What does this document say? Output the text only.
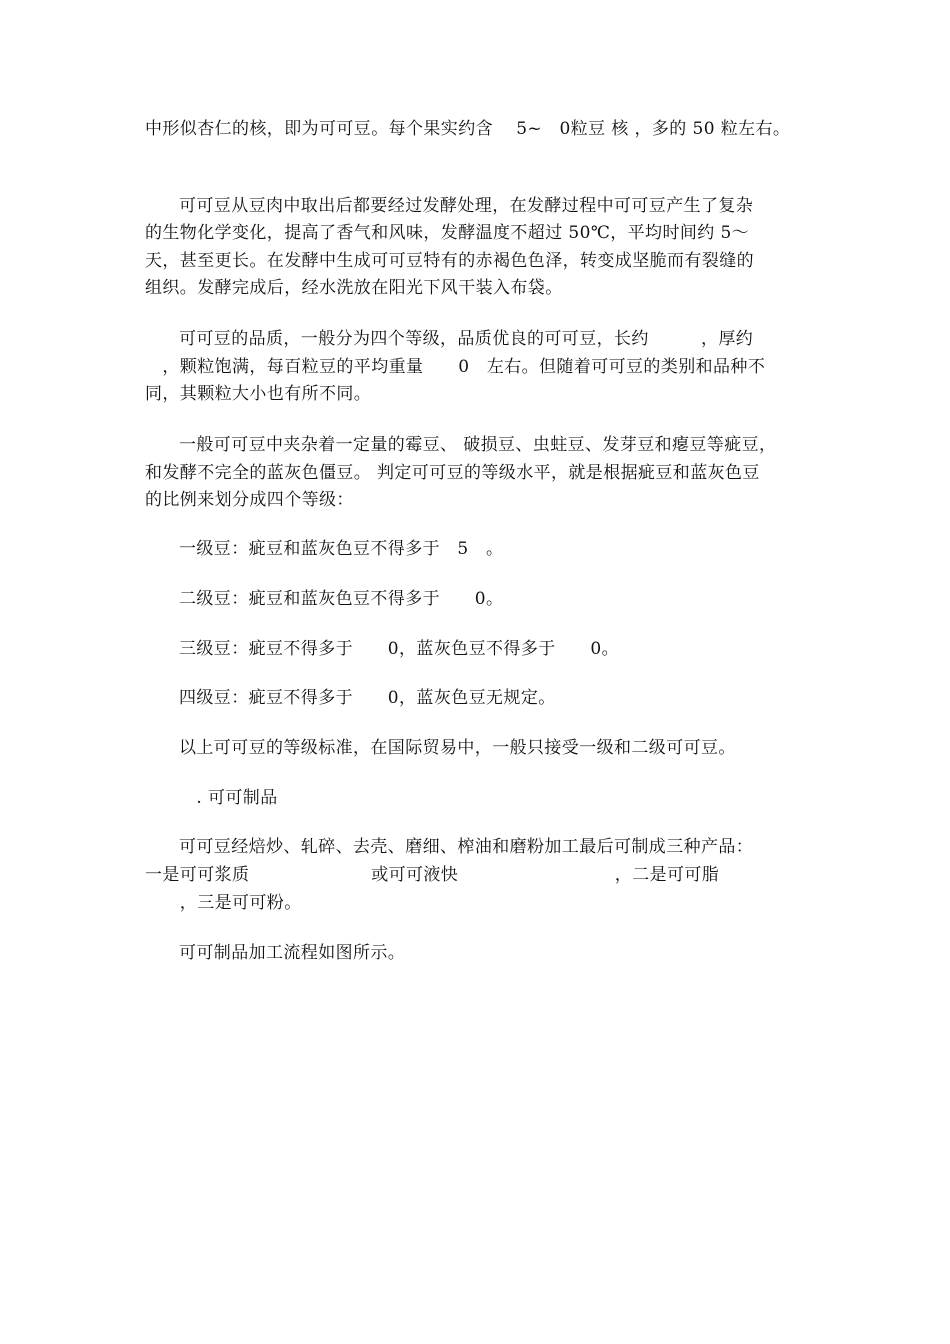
中形似杏仁的核，即为可可豆。每个果实约含　 5~　0粒豆 核 ，多的 50 粒左右。
可可豆从豆肉中取出后都要经过发酵处理，在发酵过程中可可豆产生了复杂
的生物化学变化，提高了香气和风味，发酵温度不超过 50℃，平均时间约 5～
天，甚至更长。在发酵中生成可可豆特有的赤褐色色泽，转变成坚脆而有裂缝的
组织。发酵完成后，经水洗放在阳光下风干装入布袋。
可可豆的品质，一般分为四个等级，品质优良的可可豆，长约　　　，厚约
　，颗粒饱满，每百粒豆的平均重量　　0　左右。但随着可可豆的类别和品种不
同，其颗粒大小也有所不同。
一般可可豆中夹杂着一定量的霉豆、 破损豆、虫蛀豆、发芽豆和瘪豆等疵豆，
和发酵不完全的蓝灰色僵豆。 判定可可豆的等级水平，就是根据疵豆和蓝灰色豆
的比例来划分成四个等级：
一级豆：疵豆和蓝灰色豆不得多于　5　。
二级豆：疵豆和蓝灰色豆不得多于　　0。
三级豆：疵豆不得多于　　0，蓝灰色豆不得多于　　0。
四级豆：疵豆不得多于　　0，蓝灰色豆无规定。
以上可可豆的等级标准，在国际贸易中，一般只接受一级和二级可可豆。
　. 可可制品
可可豆经焙炒、轧碎、去壳、磨细、榨油和磨粉加工最后可制成三种产品：
一是可可浆质　　　　　　　或可可液快　　　　　　　　　，二是可可脂
　　，三是可可粉。
可可制品加工流程如图所示。
